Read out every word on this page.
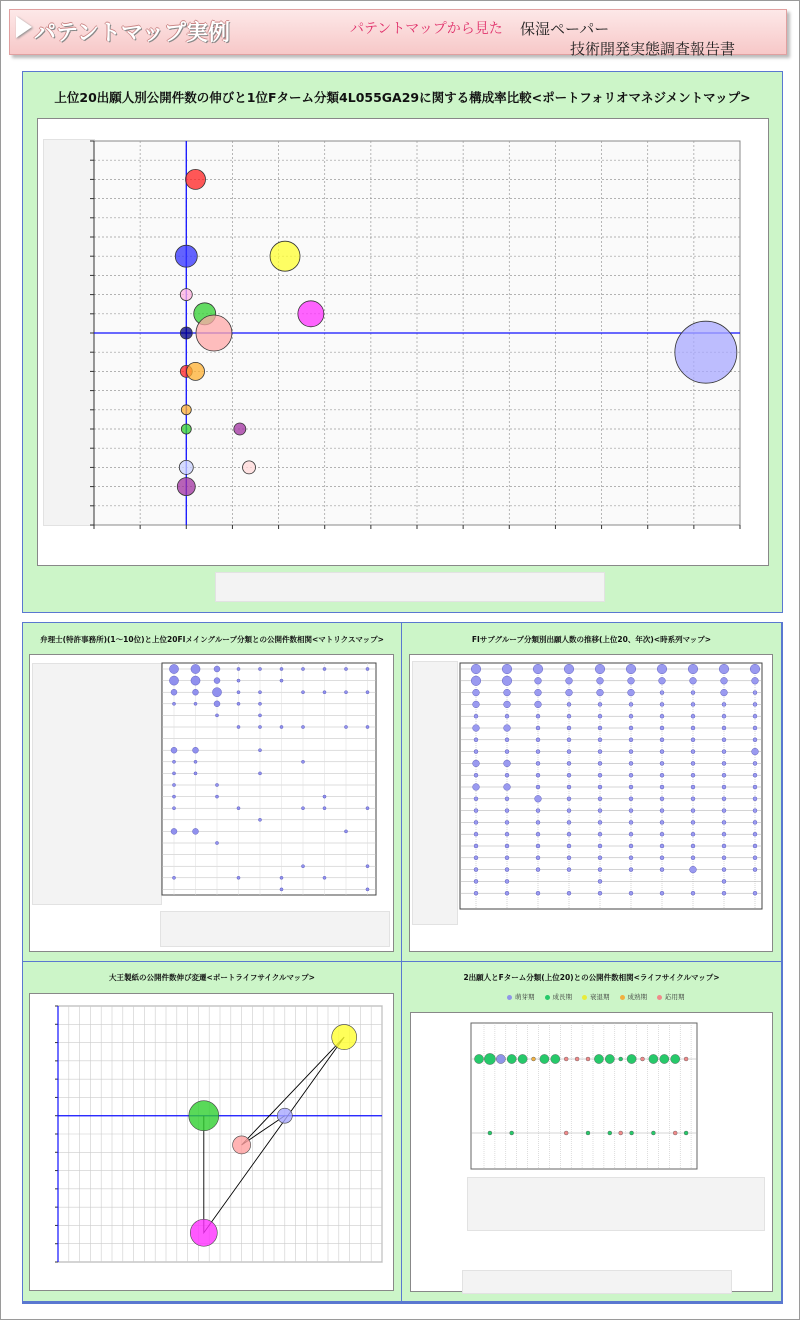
パテントマップ実例	パテントマップから見た 保湿ペーパー
技術開発実態調査報告書
上位20出願人別公開件数の伸びと1位Fターム分類4L055GA29に関する構成率比較<ポートフォリオマネジメントマップ>
弁理士(特許事務所)(1～10位)と上位20FIメイングループ分類との公開件数相関<マトリクスマップ>	FIサブグループ分類別出願人数の推移(上位20、年次)<時系列マップ>
大王製紙の公開件数伸び変遷<ポートライフサイクルマップ>	2出願人とFターム分類(上位20)との公開件数相関<ライフサイクルマップ>
萌芽期	成長期	衰退期	成熟期	応用期
